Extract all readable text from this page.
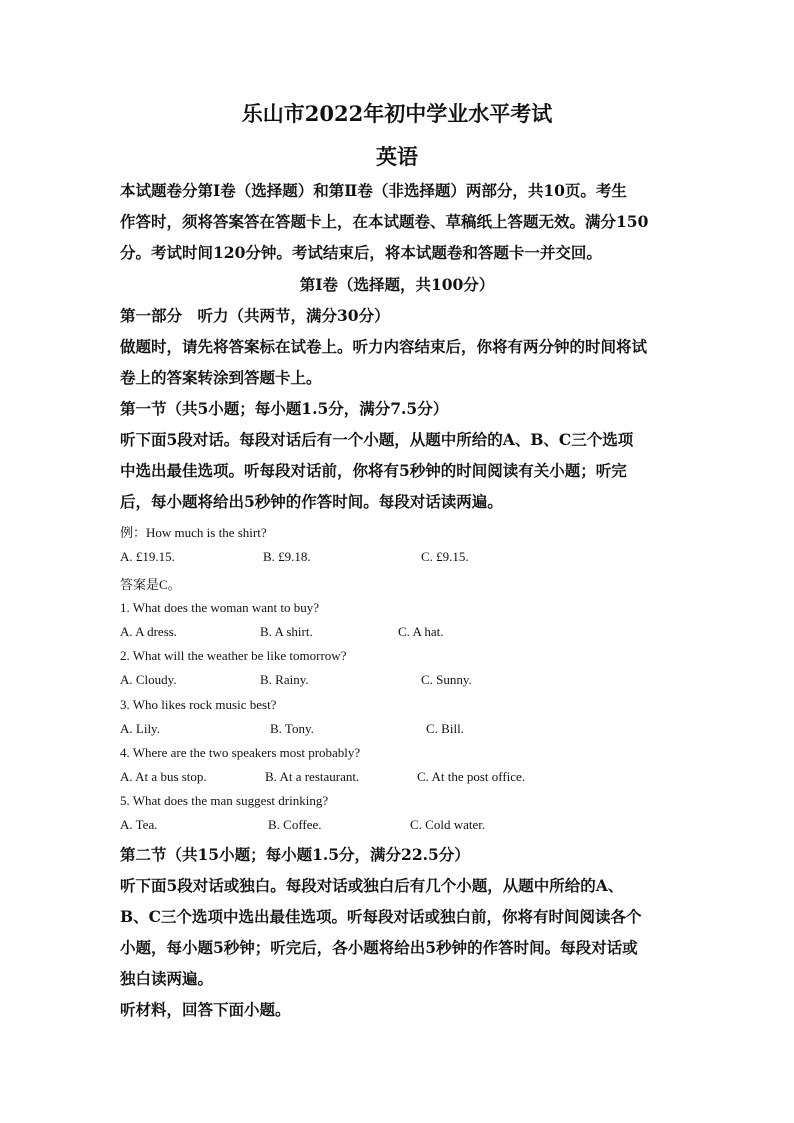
乐山市2022年初中学业水平考试
英语
本试题卷分第Ⅰ卷（选择题）和第Ⅱ卷（非选择题）两部分，共10页。考生
作答时，须将答案答在答题卡上，在本试题卷、草稿纸上答题无效。满分150
分。考试时间120分钟。考试结束后，将本试题卷和答题卡一并交回。
第Ⅰ卷（选择题，共100分）
第一部分　听力（共两节，满分30分）
做题时，请先将答案标在试卷上。听力内容结束后，你将有两分钟的时间将试
卷上的答案转涂到答题卡上。
第一节（共5小题；每小题1.5分，满分7.5分）
听下面5段对话。每段对话后有一个小题，从题中所给的A、B、C三个选项
中选出最佳选项。听每段对话前，你将有5秒钟的时间阅读有关小题；听完
后，每小题将给出5秒钟的作答时间。每段对话读两遍。
例：How much is the shirt?
A. £19.15.	B. £9.18.	C. £9.15.
答案是C。
1. What does the woman want to buy?
A. A dress.	B. A shirt.	C. A hat.
2. What will the weather be like tomorrow?
A. Cloudy.	B. Rainy.	C. Sunny.
3. Who likes rock music best?
A. Lily.	B. Tony.	C. Bill.
4. Where are the two speakers most probably?
A. At a bus stop.	B. At a restaurant.	C. At the post office.
5. What does the man suggest drinking?
A. Tea.	B. Coffee.	C. Cold water.
第二节（共15小题；每小题1.5分，满分22.5分）
听下面5段对话或独白。每段对话或独白后有几个小题，从题中所给的A、
B、C三个选项中选出最佳选项。听每段对话或独白前，你将有时间阅读各个
小题，每小题5秒钟；听完后，各小题将给出5秒钟的作答时间。每段对话或
独白读两遍。
听材料，回答下面小题。
